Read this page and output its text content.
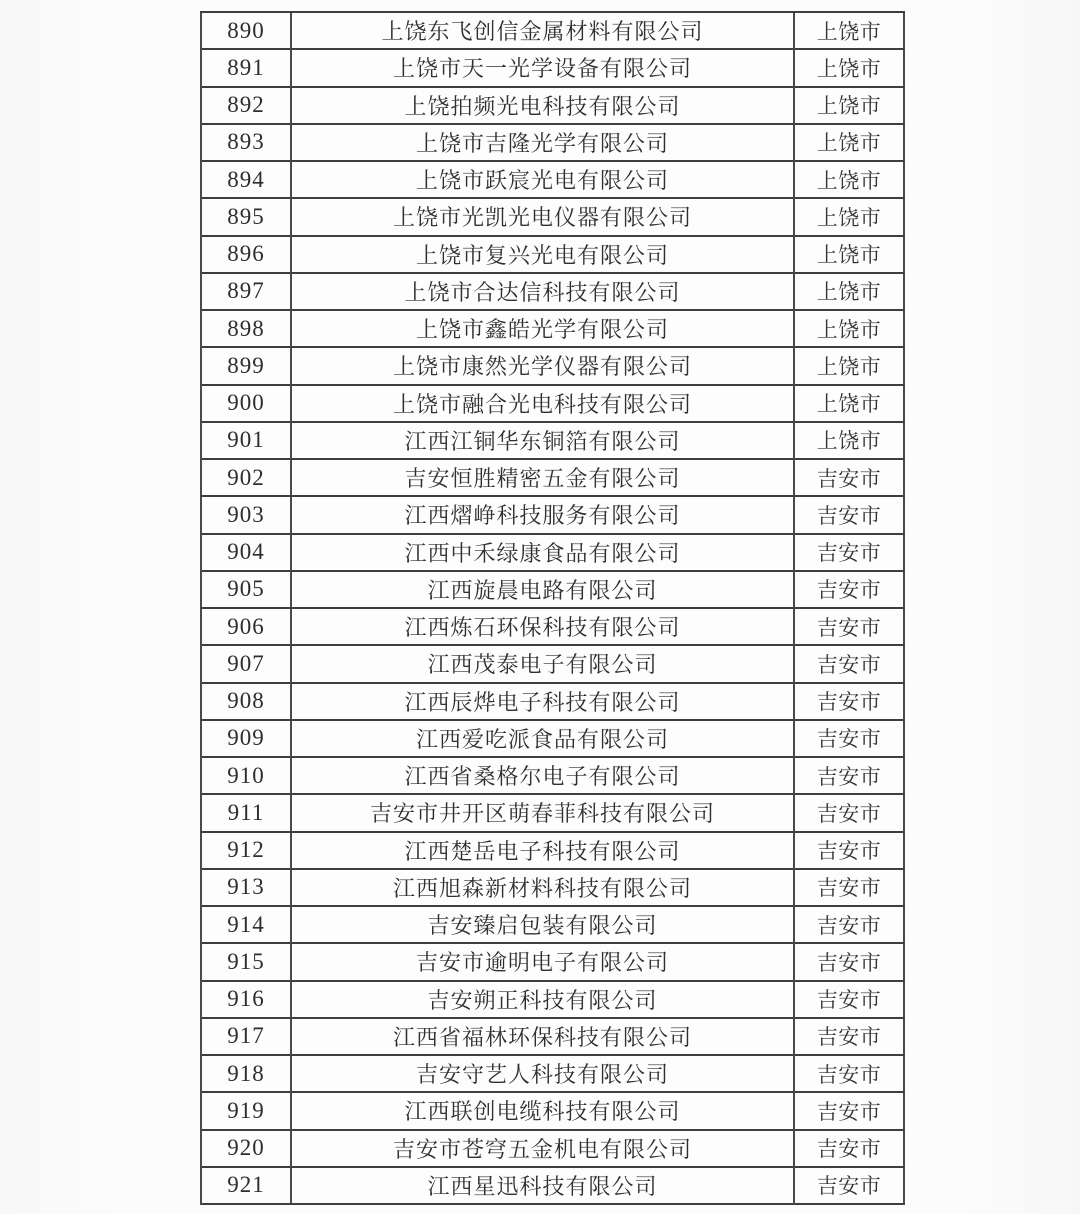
890	上饶东飞创信金属材料有限公司	上饶市
891	上饶市天一光学设备有限公司	上饶市
892	上饶拍频光电科技有限公司	上饶市
893	上饶市吉隆光学有限公司	上饶市
894	上饶市跃宸光电有限公司	上饶市
895	上饶市光凯光电仪器有限公司	上饶市
896	上饶市复兴光电有限公司	上饶市
897	上饶市合达信科技有限公司	上饶市
898	上饶市鑫皓光学有限公司	上饶市
899	上饶市康然光学仪器有限公司	上饶市
900	上饶市融合光电科技有限公司	上饶市
901	江西江铜华东铜箔有限公司	上饶市
902	吉安恒胜精密五金有限公司	吉安市
903	江西熠峥科技服务有限公司	吉安市
904	江西中禾绿康食品有限公司	吉安市
905	江西旋晨电路有限公司	吉安市
906	江西炼石环保科技有限公司	吉安市
907	江西茂泰电子有限公司	吉安市
908	江西辰烨电子科技有限公司	吉安市
909	江西爱吃派食品有限公司	吉安市
910	江西省桑格尔电子有限公司	吉安市
911	吉安市井开区萌春菲科技有限公司	吉安市
912	江西楚岳电子科技有限公司	吉安市
913	江西旭森新材料科技有限公司	吉安市
914	吉安臻启包装有限公司	吉安市
915	吉安市逾明电子有限公司	吉安市
916	吉安朔正科技有限公司	吉安市
917	江西省福林环保科技有限公司	吉安市
918	吉安守艺人科技有限公司	吉安市
919	江西联创电缆科技有限公司	吉安市
920	吉安市苍穹五金机电有限公司	吉安市
921	江西星迅科技有限公司	吉安市
